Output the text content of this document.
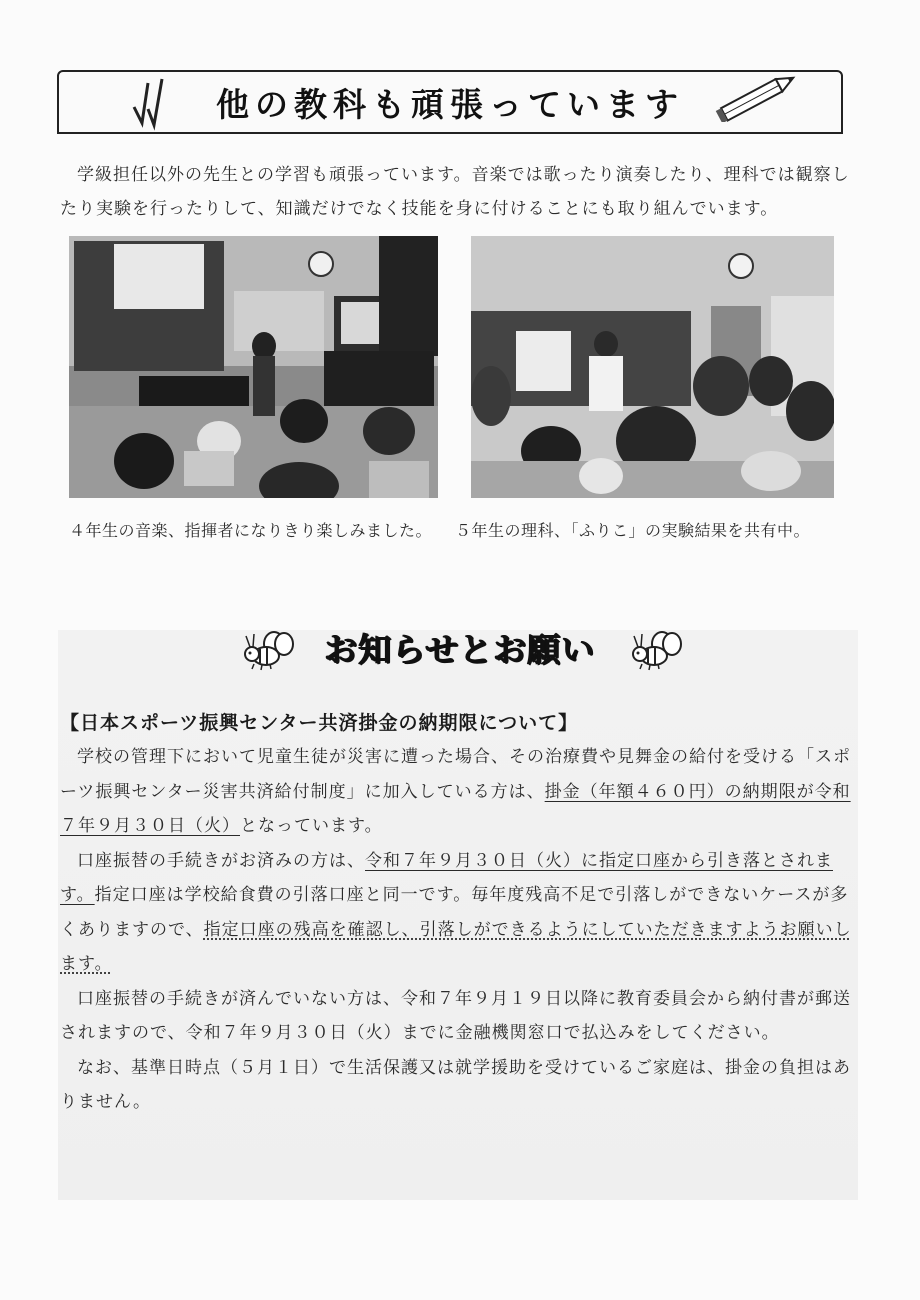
他の教科も頑張っています

学級担任以外の先生との学習も頑張っています。音楽では歌ったり演奏したり、理科では観察したり実験を行ったりして、知識だけでなく技能を身に付けることにも取り組んでいます。

４年生の音楽、指揮者になりきり楽しみました。 ５年生の理科、「ふりこ」の実験結果を共有中。
お知らせとお願い
【日本スポーツ振興センター共済掛金の納期限について】

学校の管理下において児童生徒が災害に遭った場合、その治療費や見舞金の給付を受ける「スポーツ振興センター災害共済給付制度」に加入している方は、掛金（年額４６０円）の納期限が令和７年９月３０日（火）となっています。

口座振替の手続きがお済みの方は、令和７年９月３０日（火）に指定口座から引き落とされます。指定口座は学校給食費の引落口座と同一です。毎年度残高不足で引落しができないケースが多くありますので、指定口座の残高を確認し、引落しができるようにしていただきますようお願いします。

口座振替の手続きが済んでいない方は、令和７年９月１９日以降に教育委員会から納付書が郵送されますので、令和７年９月３０日（火）までに金融機関窓口で払込みをしてください。

なお、基準日時点（５月１日）で生活保護又は就学援助を受けているご家庭は、掛金の負担はありません。
